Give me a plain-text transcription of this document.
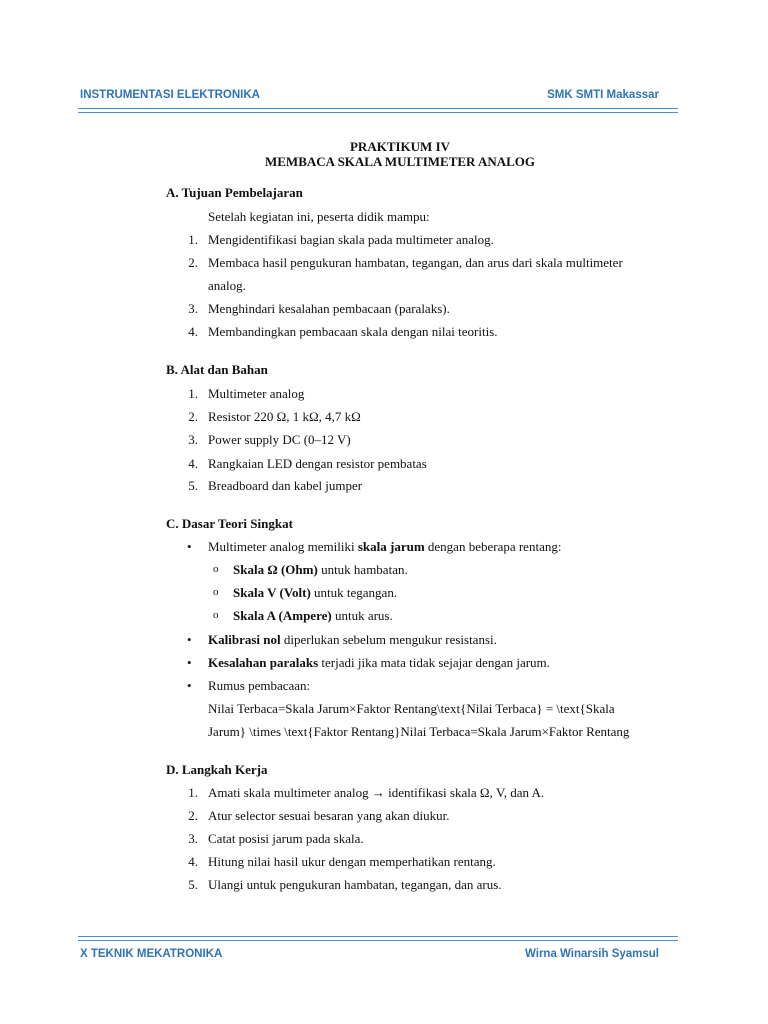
INSTRUMENTASI ELEKTRONIKA	SMK SMTI Makassar
PRAKTIKUM IV
MEMBACA SKALA MULTIMETER ANALOG
A. Tujuan Pembelajaran
Setelah kegiatan ini, peserta didik mampu:
1. Mengidentifikasi bagian skala pada multimeter analog.
2. Membaca hasil pengukuran hambatan, tegangan, dan arus dari skala multimeter
analog.
3. Menghindari kesalahan pembacaan (paralaks).
4. Membandingkan pembacaan skala dengan nilai teoritis.
B. Alat dan Bahan
1. Multimeter analog
2. Resistor 220 Ω, 1 kΩ, 4,7 kΩ
3. Power supply DC (0–12 V)
4. Rangkaian LED dengan resistor pembatas
5. Breadboard dan kabel jumper
C. Dasar Teori Singkat
• Multimeter analog memiliki skala jarum dengan beberapa rentang:
o Skala Ω (Ohm) untuk hambatan.
o Skala V (Volt) untuk tegangan.
o Skala A (Ampere) untuk arus.
• Kalibrasi nol diperlukan sebelum mengukur resistansi.
• Kesalahan paralaks terjadi jika mata tidak sejajar dengan jarum.
• Rumus pembacaan:
Nilai Terbaca=Skala Jarum×Faktor Rentang\text{Nilai Terbaca} = \text{Skala
Jarum} \times \text{Faktor Rentang}Nilai Terbaca=Skala Jarum×Faktor Rentang
D. Langkah Kerja
1. Amati skala multimeter analog → identifikasi skala Ω, V, dan A.
2. Atur selector sesuai besaran yang akan diukur.
3. Catat posisi jarum pada skala.
4. Hitung nilai hasil ukur dengan memperhatikan rentang.
5. Ulangi untuk pengukuran hambatan, tegangan, dan arus.
X TEKNIK MEKATRONIKA	Wirna Winarsih Syamsul
